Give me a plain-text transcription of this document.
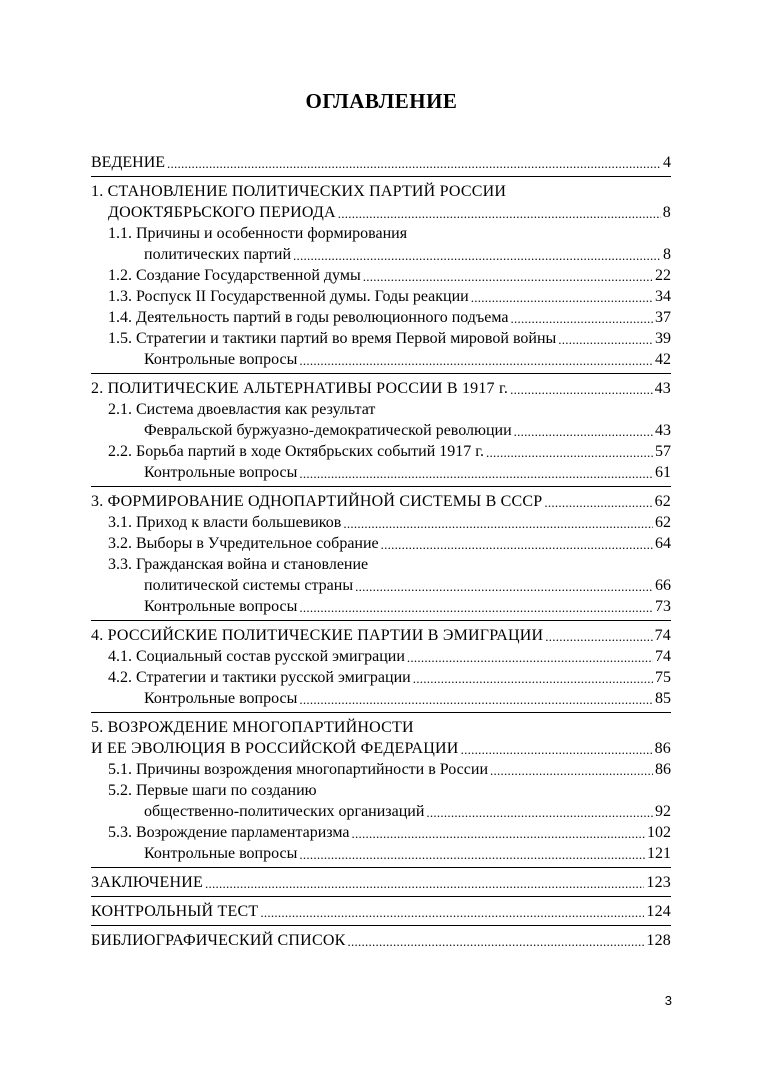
ОГЛАВЛЕНИЕ
ВЕДЕНИЕ . . .	4
1. СТАНОВЛЕНИЕ ПОЛИТИЧЕСКИХ ПАРТИЙ РОССИИ
ДООКТЯБРЬСКОГО ПЕРИОДА . . .	8
1.1. Причины и особенности формирования
политических партий . . .	8
1.2. Создание Государственной думы . . .	22
1.3. Роспуск II Государственной думы. Годы реакции . . .	34
1.4. Деятельность партий в годы революционного подъема . . .	37
1.5. Стратегии и тактики партий во время Первой мировой войны . . .	39
Контрольные вопросы . . .	42
2. ПОЛИТИЧЕСКИЕ АЛЬТЕРНАТИВЫ РОССИИ В 1917 г. . . .	43
2.1. Система двоевластия как результат
Февральской буржуазно-демократической революции . . .	43
2.2. Борьба партий в ходе Октябрьских событий 1917 г. . . .	57
Контрольные вопросы . . .	61
3. ФОРМИРОВАНИЕ ОДНОПАРТИЙНОЙ СИСТЕМЫ В СССР . . .	62
3.1. Приход к власти большевиков . . .	62
3.2. Выборы в Учредительное собрание . . .	64
3.3. Гражданская война и становление
политической системы страны . . .	66
Контрольные вопросы . . .	73
4. РОССИЙСКИЕ ПОЛИТИЧЕСКИЕ ПАРТИИ В ЭМИГРАЦИИ . . .	74
4.1. Социальный состав русской эмиграции . . .	74
4.2. Стратегии и тактики русской эмиграции . . .	75
Контрольные вопросы . . .	85
5. ВОЗРОЖДЕНИЕ МНОГОПАРТИЙНОСТИ
И ЕЕ ЭВОЛЮЦИЯ В РОССИЙСКОЙ ФЕДЕРАЦИИ . . .	86
5.1. Причины возрождения многопартийности в России . . .	86
5.2. Первые шаги по созданию
общественно-политических организаций . . .	92
5.3. Возрождение парламентаризма . . .	102
Контрольные вопросы . . .	121
ЗАКЛЮЧЕНИЕ . . .	123
КОНТРОЛЬНЫЙ ТЕСТ . . .	124
БИБЛИОГРАФИЧЕСКИЙ СПИСОК . . .	128
3
